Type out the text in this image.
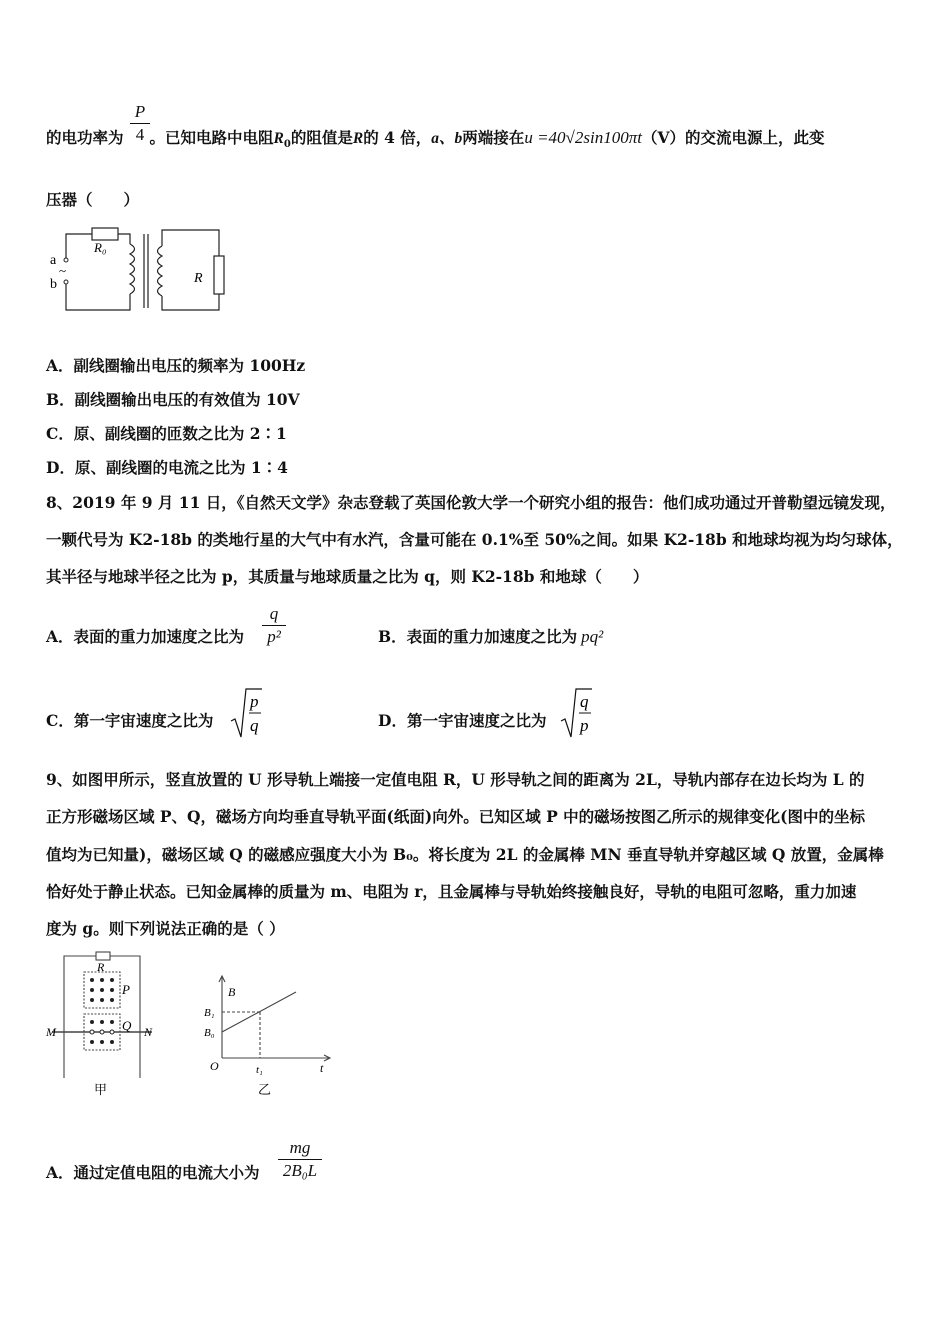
的电功率为 。已知电路中电阻$R_0$的阻值是R的 4 倍，a、b两端接在u =40√2sin100πt（V）的交流电源上，此变
P
4
压器（　　）
a
b
~
R₀
R
A．副线圈输出电压的频率为 100Hz
B．副线圈输出电压的有效值为 10V
C．原、副线圈的匝数之比为 2∶1
D．原、副线圈的电流之比为 1∶4
8、2019 年 9 月 11 日，《自然天文学》杂志登载了英国伦敦大学一个研究小组的报告：他们成功通过开普勒望远镜发现，
一颗代号为 K2-18b 的类地行星的大气中有水汽，含量可能在 0.1%至 50%之间。如果 K2-18b 和地球均视为均匀球体，
其半径与地球半径之比为 p，其质量与地球质量之比为 q，则 K2-18b 和地球（　　）
A．表面的重力加速度之比为
q
p²	B．表面的重力加速度之比为 pq²
C．第一宇宙速度之比为
p
q	D．第一宇宙速度之比为
q
p
9、如图甲所示，竖直放置的 U 形导轨上端接一定值电阻 R，U 形导轨之间的距离为 2L，导轨内部存在边长均为 L 的
正方形磁场区域 P、Q，磁场方向均垂直导轨平面(纸面)向外。已知区域 P 中的磁场按图乙所示的规律变化(图中的坐标
值均为已知量)，磁场区域 Q 的磁感应强度大小为 B₀。将长度为 2L 的金属棒 MN 垂直导轨并穿越区域 Q 放置，金属棒
恰好处于静止状态。已知金属棒的质量为 m、电阻为 r，且金属棒与导轨始终接触良好，导轨的电阻可忽略，重力加速
度为 g。则下列说法正确的是（ ）
R
P
Q
M	N
甲
B
B₁
B₀
O	t₁	t
乙
A．通过定值电阻的电流大小为
mg
2B₀L
